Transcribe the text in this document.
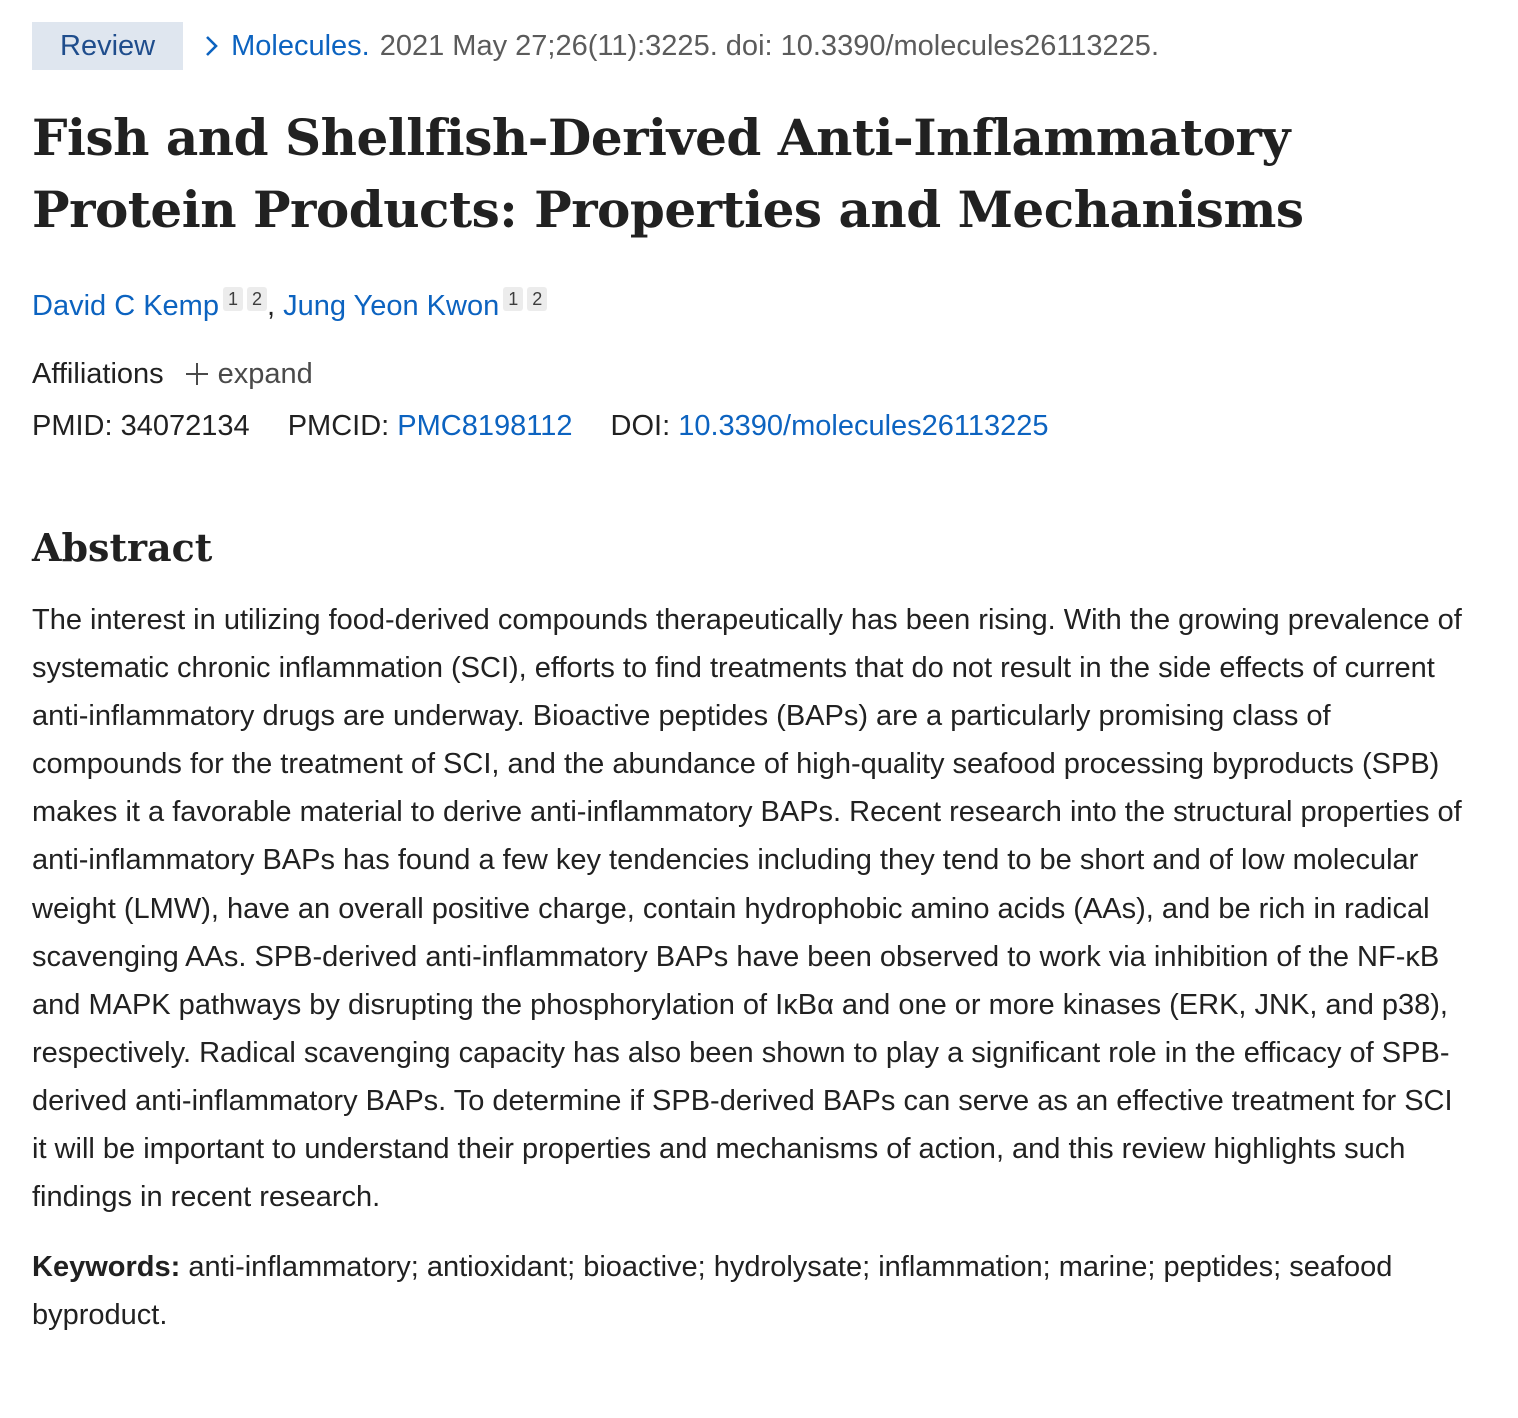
Review	Molecules. 2021 May 27;26(11):3225. doi: 10.3390/molecules26113225.
Fish and Shellfish-Derived Anti-Inflammatory
Protein Products: Properties and Mechanisms
David C Kemp 1 2 , Jung Yeon Kwon 1 2
Affiliations expand
PMID: 34072134 PMCID: PMC8198112 DOI: 10.3390/molecules26113225
Abstract
The interest in utilizing food-derived compounds therapeutically has been rising. With the growing prevalence of systematic chronic inflammation (SCI), efforts to find treatments that do not result in the side effects of current anti-inflammatory drugs are underway. Bioactive peptides (BAPs) are a particularly promising class of compounds for the treatment of SCI, and the abundance of high-quality seafood processing byproducts (SPB) makes it a favorable material to derive anti-inflammatory BAPs. Recent research into the structural properties of anti-inflammatory BAPs has found a few key tendencies including they tend to be short and of low molecular weight (LMW), have an overall positive charge, contain hydrophobic amino acids (AAs), and be rich in radical scavenging AAs. SPB-derived anti-inflammatory BAPs have been observed to work via inhibition of the NF-κB and MAPK pathways by disrupting the phosphorylation of IκBα and one or more kinases (ERK, JNK, and p38), respectively. Radical scavenging capacity has also been shown to play a significant role in the efficacy of SPB-derived anti-inflammatory BAPs. To determine if SPB-derived BAPs can serve as an effective treatment for SCI it will be important to understand their properties and mechanisms of action, and this review highlights such findings in recent research.
Keywords: anti-inflammatory; antioxidant; bioactive; hydrolysate; inflammation; marine; peptides; seafood byproduct.
